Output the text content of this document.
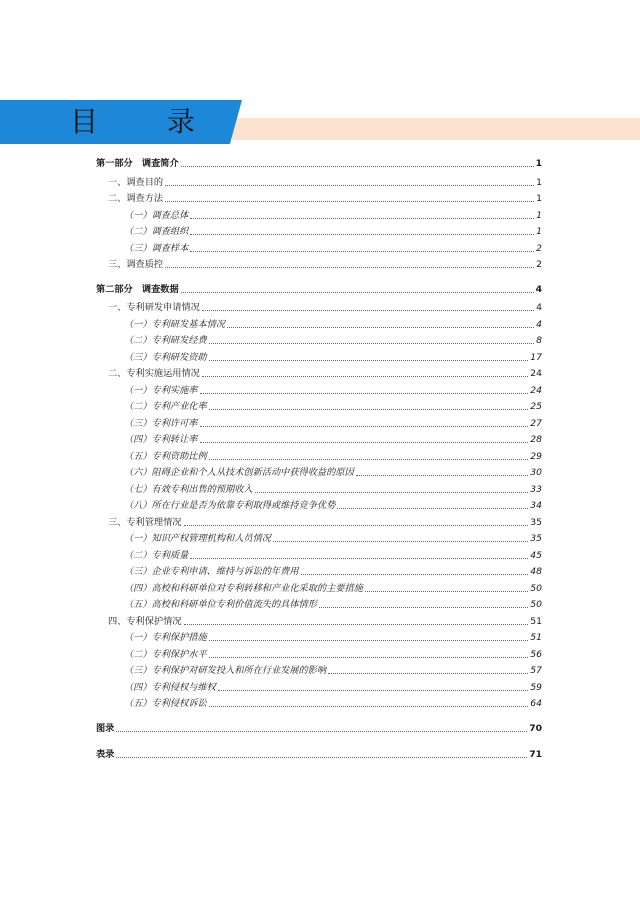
目 录
第一部分　调查简介	1
一、调查目的	1
二、调查方法	1
（一）调查总体	1
（二）调查组织	1
（三）调查样本	2
三、调查质控	2
第二部分　调查数据	4
一、专利研发申请情况	4
（一）专利研发基本情况	4
（二）专利研发经费	8
（三）专利研发资助	17
二、专利实施运用情况	24
（一）专利实施率	24
（二）专利产业化率	25
（三）专利许可率	27
（四）专利转让率	28
（五）专利资助比例	29
（六）阻碍企业和个人从技术创新活动中获得收益的原因	30
（七）有效专利出售的预期收入	33
（八）所在行业是否为依靠专利取得或维持竞争优势	34
三、专利管理情况	35
（一）知识产权管理机构和人员情况	35
（二）专利质量	45
（三）企业专利申请、维持与诉讼的年费用	48
（四）高校和科研单位对专利转移和产业化采取的主要措施	50
（五）高校和科研单位专利价值流失的具体情形	50
四、专利保护情况	51
（一）专利保护措施	51
（二）专利保护水平	56
（三）专利保护对研发投入和所在行业发展的影响	57
（四）专利侵权与维权	59
（五）专利侵权诉讼	64
图录	70
表录	71
